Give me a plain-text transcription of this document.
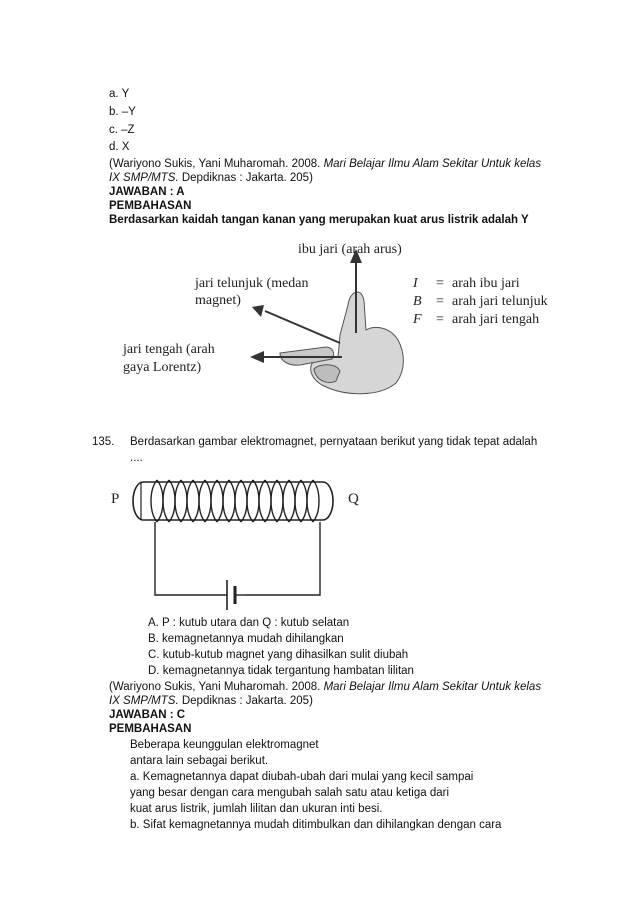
a. Y
b. –Y
c. –Z
d. X
(Wariyono Sukis, Yani Muharomah. 2008. Mari Belajar Ilmu Alam Sekitar Untuk kelas
IX SMP/MTS. Depdiknas : Jakarta. 205)
JAWABAN : A
PEMBAHASAN
Berdasarkan kaidah tangan kanan yang merupakan kuat arus listrik adalah Y
ibu jari (arah arus)
jari telunjuk (medan
magnet)
jari tengah (arah
gaya Lorentz)
I = arah ibu jari
B = arah jari telunjuk
F = arah jari tengah
135. Berdasarkan gambar elektromagnet, pernyataan berikut yang tidak tepat adalah
....
P	Q
A. P : kutub utara dan Q : kutub selatan
B. kemagnetannya mudah dihilangkan
C. kutub-kutub magnet yang dihasilkan sulit diubah
D. kemagnetannya tidak tergantung hambatan lilitan
(Wariyono Sukis, Yani Muharomah. 2008. Mari Belajar Ilmu Alam Sekitar Untuk kelas
IX SMP/MTS. Depdiknas : Jakarta. 205)
JAWABAN : C
PEMBAHASAN
Beberapa keunggulan elektromagnet
antara lain sebagai berikut.
a. Kemagnetannya dapat diubah-ubah dari mulai yang kecil sampai
yang besar dengan cara mengubah salah satu atau ketiga dari
kuat arus listrik, jumlah lilitan dan ukuran inti besi.
b. Sifat kemagnetannya mudah ditimbulkan dan dihilangkan dengan cara
